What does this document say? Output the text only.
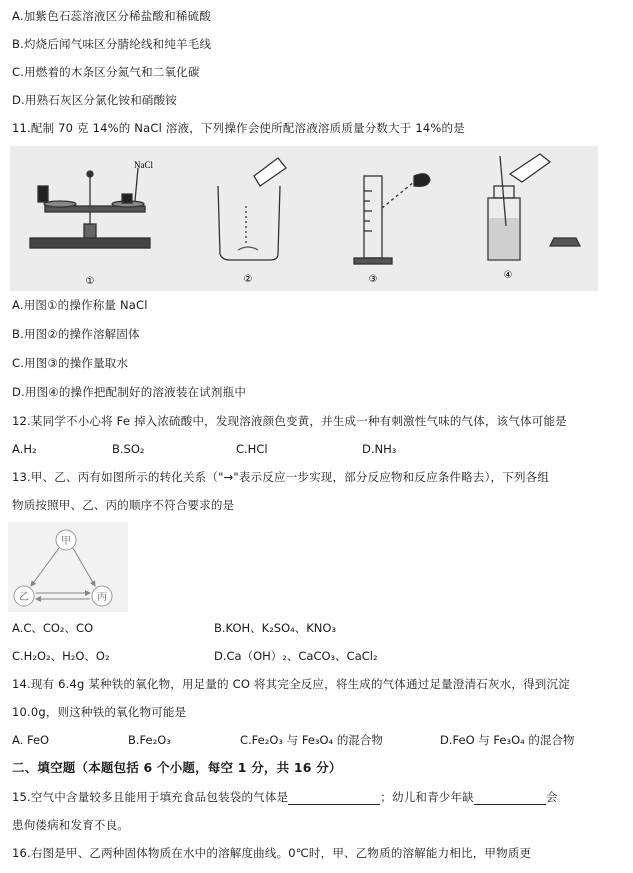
A.加紫色石蕊溶液区分稀盐酸和稀硫酸
B.灼烧后闻气味区分腈纶线和纯羊毛线
C.用燃着的木条区分氮气和二氧化碳
D.用熟石灰区分氯化铵和硝酸铵
11.配制 70 克 14%的 NaCl 溶液，下列操作会使所配溶液溶质质量分数大于 14%的是
NaCl
①	②	③	④
A.用图①的操作称量 NaCl
B.用图②的操作溶解固体
C.用图③的操作量取水
D.用图④的操作把配制好的溶液装在试剂瓶中
12.某同学不小心将 Fe 掉入浓硫酸中，发现溶液颜色变黄，并生成一种有刺激性气味的气体，该气体可能是
A.H₂	B.SO₂	C.HCl	D.NH₃
13.甲、乙、丙有如图所示的转化关系（"→"表示反应一步实现，部分反应物和反应条件略去），下列各组
物质按照甲、乙、丙的顺序不符合要求的是
甲
乙	丙
A.C、CO₂、CO	B.KOH、K₂SO₄、KNO₃
C.H₂O₂、H₂O、O₂	D.Ca（OH）₂、CaCO₃、CaCl₂
14.现有 6.4g 某种铁的氧化物，用足量的 CO 将其完全反应，将生成的气体通过足量澄清石灰水，得到沉淀
10.0g，则这种铁的氧化物可能是
A. FeO	B.Fe₂O₃	C.Fe₂O₃ 与 Fe₃O₄ 的混合物	D.FeO 与 Fe₃O₄ 的混合物
二、填空题（本题包括 6 个小题，每空 1 分，共 16 分）
15.空气中含量较多且能用于填充食品包装袋的气体是	；幼儿和青少年缺	会
患佝偻病和发育不良。
16.右图是甲、乙两种固体物质在水中的溶解度曲线。0℃时，甲、乙物质的溶解能力相比，甲物质更
